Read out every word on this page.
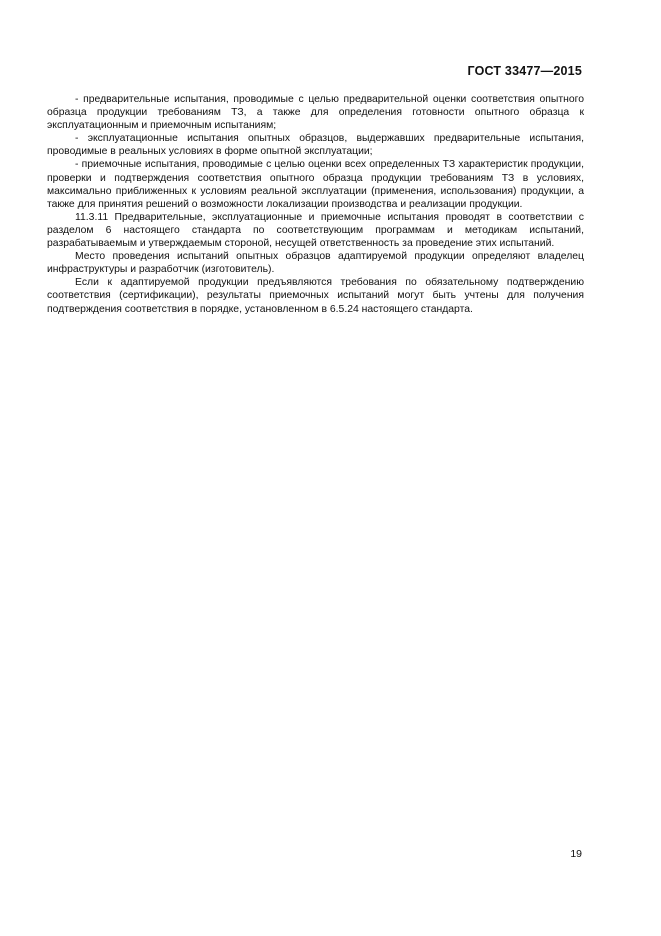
ГОСТ 33477—2015

- предварительные испытания, проводимые с целью предварительной оценки соответствия опытного образца продукции требованиям ТЗ, а также для определения готовности опытного образца к эксплуатационным и приемочным испытаниям;

- эксплуатационные испытания опытных образцов, выдержавших предварительные испытания, проводимые в реальных условиях в форме опытной эксплуатации;

- приемочные испытания, проводимые с целью оценки всех определенных ТЗ характеристик продукции, проверки и подтверждения соответствия опытного образца продукции требованиям ТЗ в условиях, максимально приближенных к условиям реальной эксплуатации (применения, использования) продукции, а также для принятия решений о возможности локализации производства и реализации продукции.

11.3.11 Предварительные, эксплуатационные и приемочные испытания проводят в соответствии с разделом 6 настоящего стандарта по соответствующим программам и методикам испытаний, разрабатываемым и утверждаемым стороной, несущей ответственность за проведение этих испытаний.

Место проведения испытаний опытных образцов адаптируемой продукции определяют владелец инфраструктуры и разработчик (изготовитель).

Если к адаптируемой продукции предъявляются требования по обязательному подтверждению соответствия (сертификации), результаты приемочных испытаний могут быть учтены для получения подтверждения соответствия в порядке, установленном в 6.5.24 настоящего стандарта.

19
